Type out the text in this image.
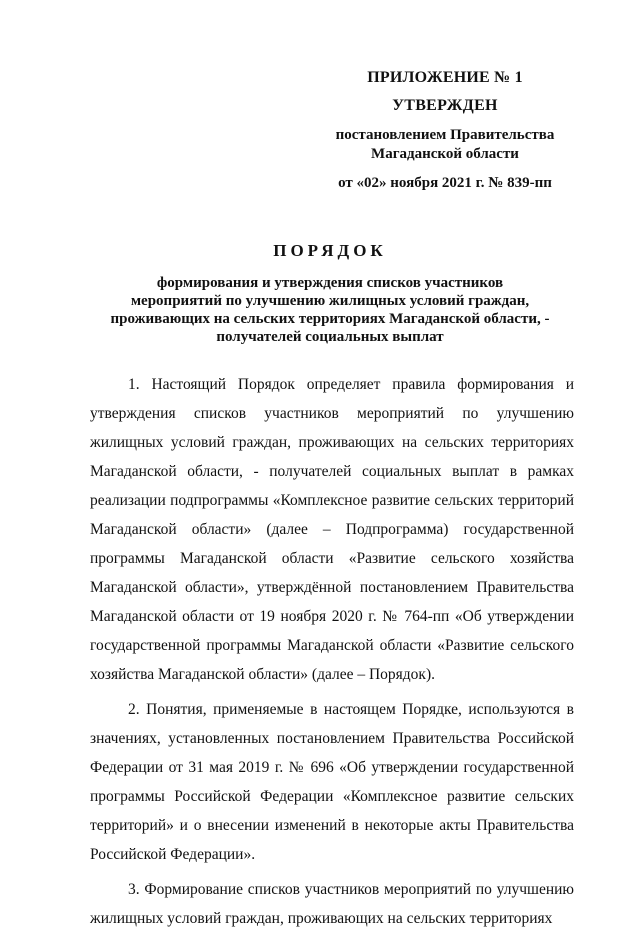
ПРИЛОЖЕНИЕ № 1
УТВЕРЖДЕН
постановлением Правительства
Магаданской области
от «02» ноября 2021 г. № 839-пп
ПОРЯДОК
формирования и утверждения списков участников
мероприятий по улучшению жилищных условий граждан,
проживающих на сельских территориях Магаданской области, -
получателей социальных выплат

1. Настоящий Порядок определяет правила формирования и утверждения списков участников мероприятий по улучшению жилищных условий граждан, проживающих на сельских территориях Магаданской области, - получателей социальных выплат в рамках реализации подпрограммы «Комплексное развитие сельских территорий Магаданской области» (далее – Подпрограмма) государственной программы Магаданской области «Развитие сельского хозяйства Магаданской области», утверждённой постановлением Правительства Магаданской области от 19 ноября 2020 г. № 764-пп «Об утверждении государственной программы Магаданской области «Развитие сельского хозяйства Магаданской области» (далее – Порядок).

2. Понятия, применяемые в настоящем Порядке, используются в значениях, установленных постановлением Правительства Российской Федерации от 31 мая 2019 г. № 696 «Об утверждении государственной программы Российской Федерации «Комплексное развитие сельских территорий» и о внесении изменений в некоторые акты Правительства Российской Федерации».

3. Формирование списков участников мероприятий по улучшению жилищных условий граждан, проживающих на сельских территориях
